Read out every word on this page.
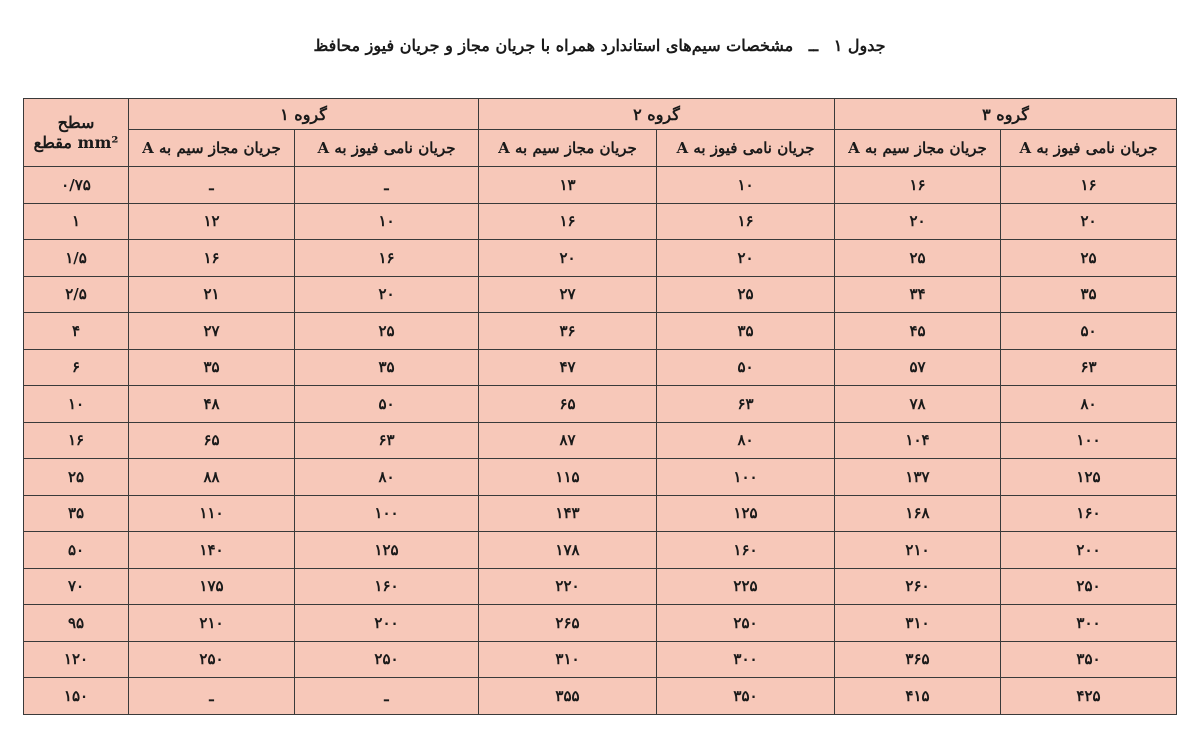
جدول ۱ ــ مشخصات سیم‌های استاندارد همراه با جریان مجاز و جریان فیوز محافظ
سطح
مقطع mm²	گروه ۱		گروه ۲		گروه ۳	
	جریان مجاز سیم به A	جریان نامی فیوز به A	جریان مجاز سیم به A	جریان نامی فیوز به A	جریان مجاز سیم به A	جریان نامی فیوز به A
۰/۷۵	ـ	ـ	۱۳	۱۰	۱۶	۱۶
۱	۱۲	۱۰	۱۶	۱۶	۲۰	۲۰
۱/۵	۱۶	۱۶	۲۰	۲۰	۲۵	۲۵
۲/۵	۲۱	۲۰	۲۷	۲۵	۳۴	۳۵
۴	۲۷	۲۵	۳۶	۳۵	۴۵	۵۰
۶	۳۵	۳۵	۴۷	۵۰	۵۷	۶۳
۱۰	۴۸	۵۰	۶۵	۶۳	۷۸	۸۰
۱۶	۶۵	۶۳	۸۷	۸۰	۱۰۴	۱۰۰
۲۵	۸۸	۸۰	۱۱۵	۱۰۰	۱۳۷	۱۲۵
۳۵	۱۱۰	۱۰۰	۱۴۳	۱۲۵	۱۶۸	۱۶۰
۵۰	۱۴۰	۱۲۵	۱۷۸	۱۶۰	۲۱۰	۲۰۰
۷۰	۱۷۵	۱۶۰	۲۲۰	۲۲۵	۲۶۰	۲۵۰
۹۵	۲۱۰	۲۰۰	۲۶۵	۲۵۰	۳۱۰	۳۰۰
۱۲۰	۲۵۰	۲۵۰	۳۱۰	۳۰۰	۳۶۵	۳۵۰
۱۵۰	ـ	ـ	۳۵۵	۳۵۰	۴۱۵	۴۲۵
